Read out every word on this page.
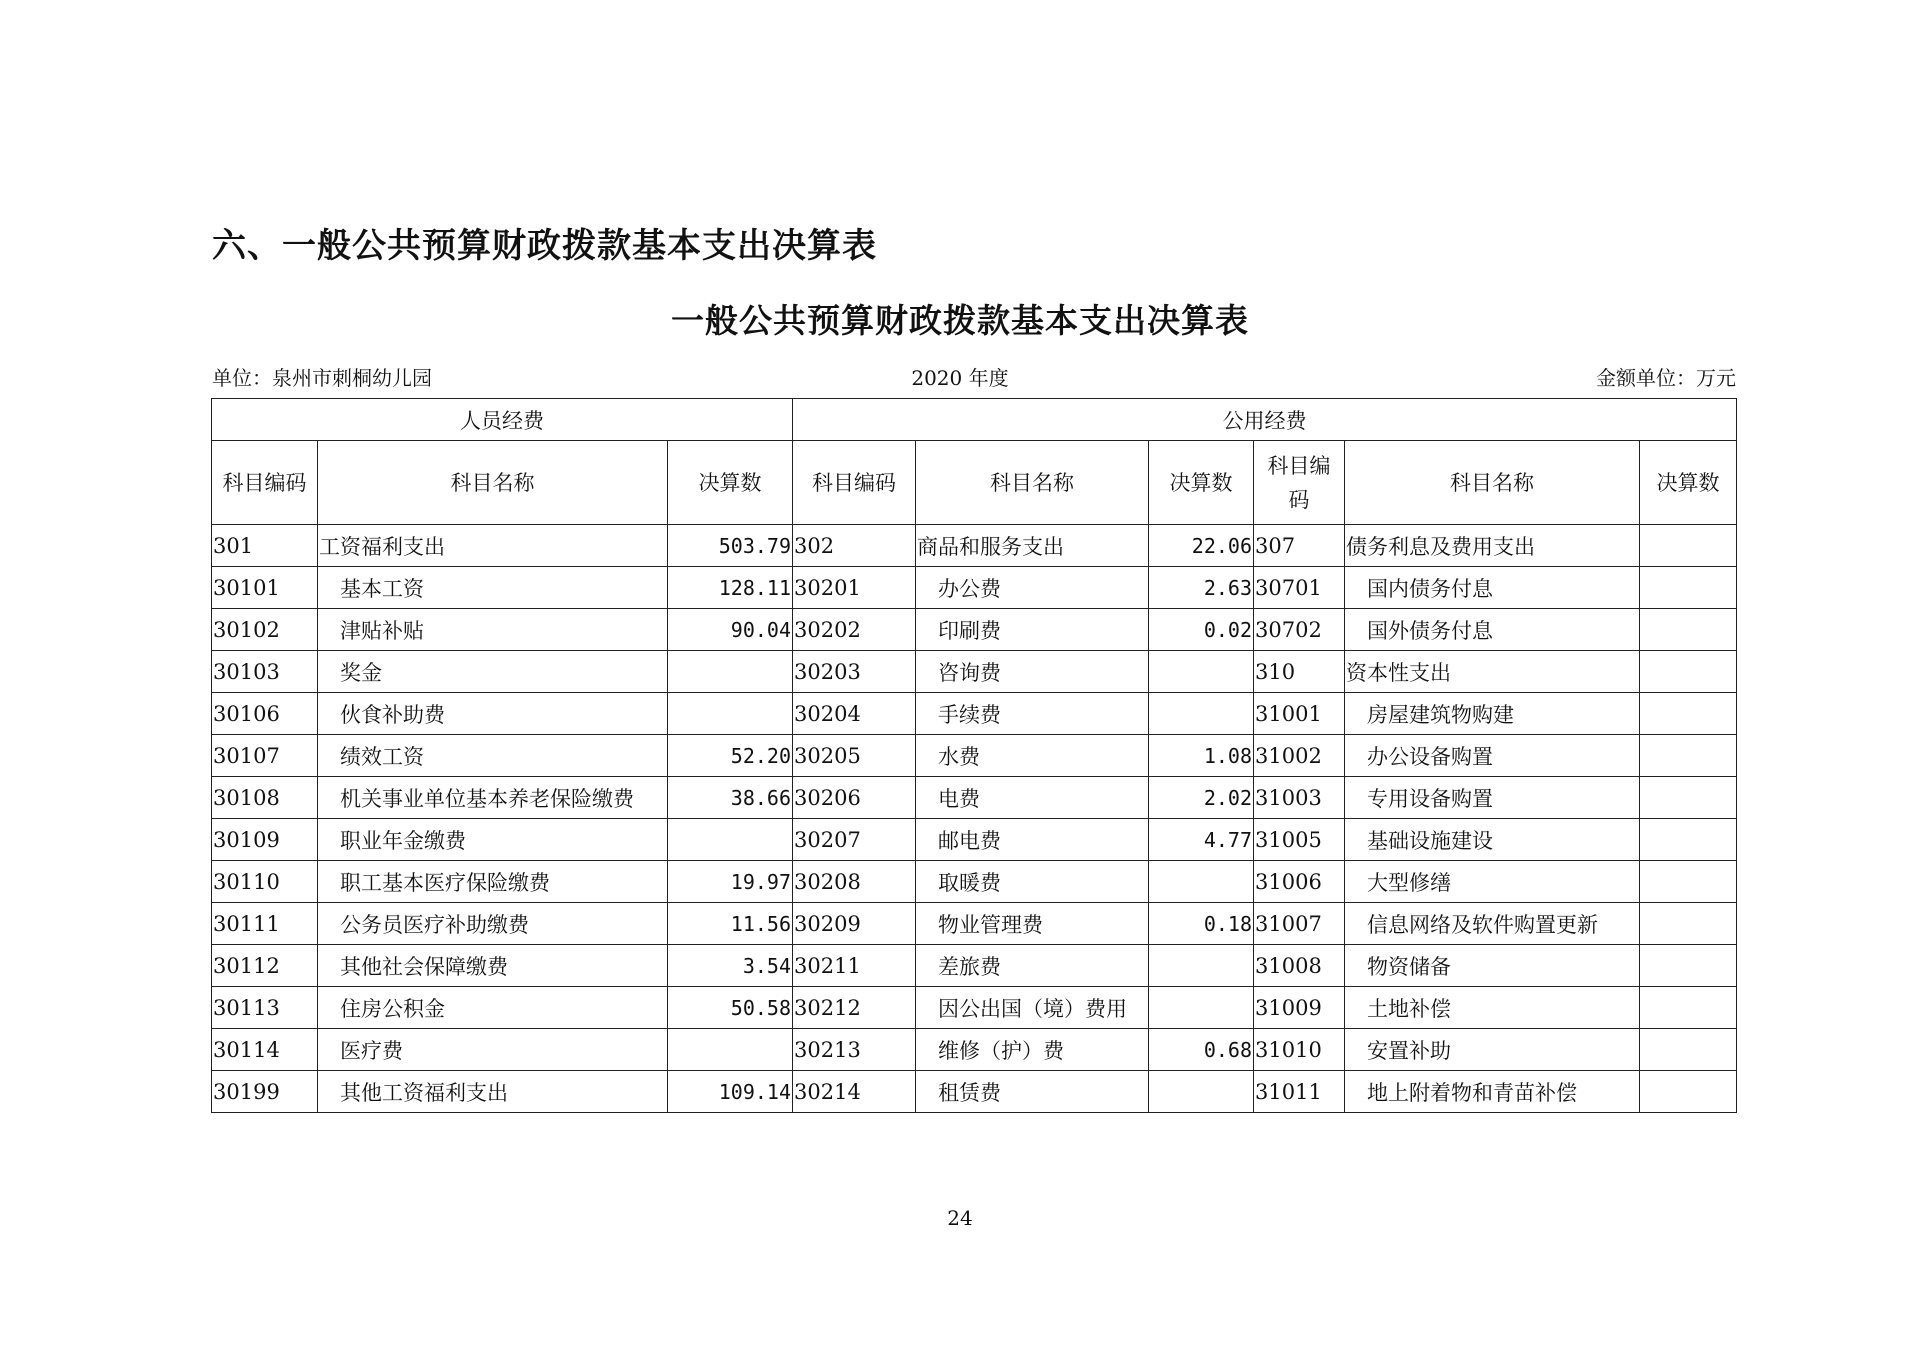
六、一般公共预算财政拨款基本支出决算表
一般公共预算财政拨款基本支出决算表
单位：泉州市刺桐幼儿园	2020 年度	金额单位：万元
人员经费			公用经费					
科目编码	科目名称	决算数	科目编码	科目名称	决算数	科目编码	科目名称	决算数
301	工资福利支出	503.79	302	商品和服务支出	22.06	307	债务利息及费用支出	
30101	基本工资	128.11	30201	办公费	2.63	30701	国内债务付息	
30102	津贴补贴	90.04	30202	印刷费	0.02	30702	国外债务付息	
30103	奖金		30203	咨询费		310	资本性支出	
30106	伙食补助费		30204	手续费		31001	房屋建筑物购建	
30107	绩效工资	52.20	30205	水费	1.08	31002	办公设备购置	
30108	机关事业单位基本养老保险缴费	38.66	30206	电费	2.02	31003	专用设备购置	
30109	职业年金缴费		30207	邮电费	4.77	31005	基础设施建设	
30110	职工基本医疗保险缴费	19.97	30208	取暖费		31006	大型修缮	
30111	公务员医疗补助缴费	11.56	30209	物业管理费	0.18	31007	信息网络及软件购置更新	
30112	其他社会保障缴费	3.54	30211	差旅费		31008	物资储备	
30113	住房公积金	50.58	30212	因公出国（境）费用		31009	土地补偿	
30114	医疗费		30213	维修（护）费	0.68	31010	安置补助	
30199	其他工资福利支出	109.14	30214	租赁费		31011	地上附着物和青苗补偿	
24
